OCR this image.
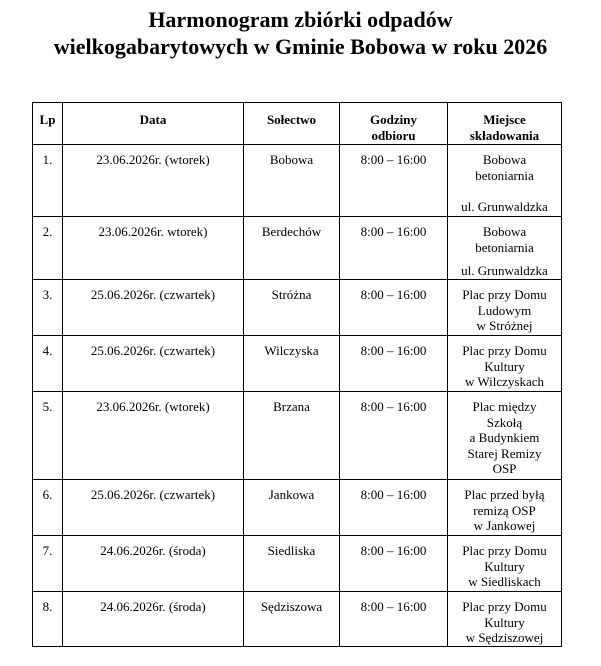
Harmonogram zbiórki odpadów
wielkogabarytowych w Gminie Bobowa w roku 2026
Lp	Data	Sołectwo	Godziny
odbioru	Miejsce
składowania
1.	23.06.2026r. (wtorek)	Bobowa	8:00 – 16:00	Bobowa
betoniarnia
ul. Grunwaldzka
2.	23.06.2026r. wtorek)	Berdechów	8:00 – 16:00	Bobowa
betoniarnia
ul. Grunwaldzka
3.	25.06.2026r. (czwartek)	Stróżna	8:00 – 16:00	Plac przy Domu
Ludowym
w Stróżnej
4.	25.06.2026r. (czwartek)	Wilczyska	8:00 – 16:00	Plac przy Domu
Kultury
w Wilczyskach
5.	23.06.2026r. (wtorek)	Brzana	8:00 – 16:00	Plac między
Szkołą
a Budynkiem
Starej Remizy
OSP
6.	25.06.2026r. (czwartek)	Jankowa	8:00 – 16:00	Plac przed byłą
remizą OSP
w Jankowej
7.	24.06.2026r. (środa)	Siedliska	8:00 – 16:00	Plac przy Domu
Kultury
w Siedliskach
8.	24.06.2026r. (środa)	Sędziszowa	8:00 – 16:00	Plac przy Domu
Kultury
w Sędziszowej
